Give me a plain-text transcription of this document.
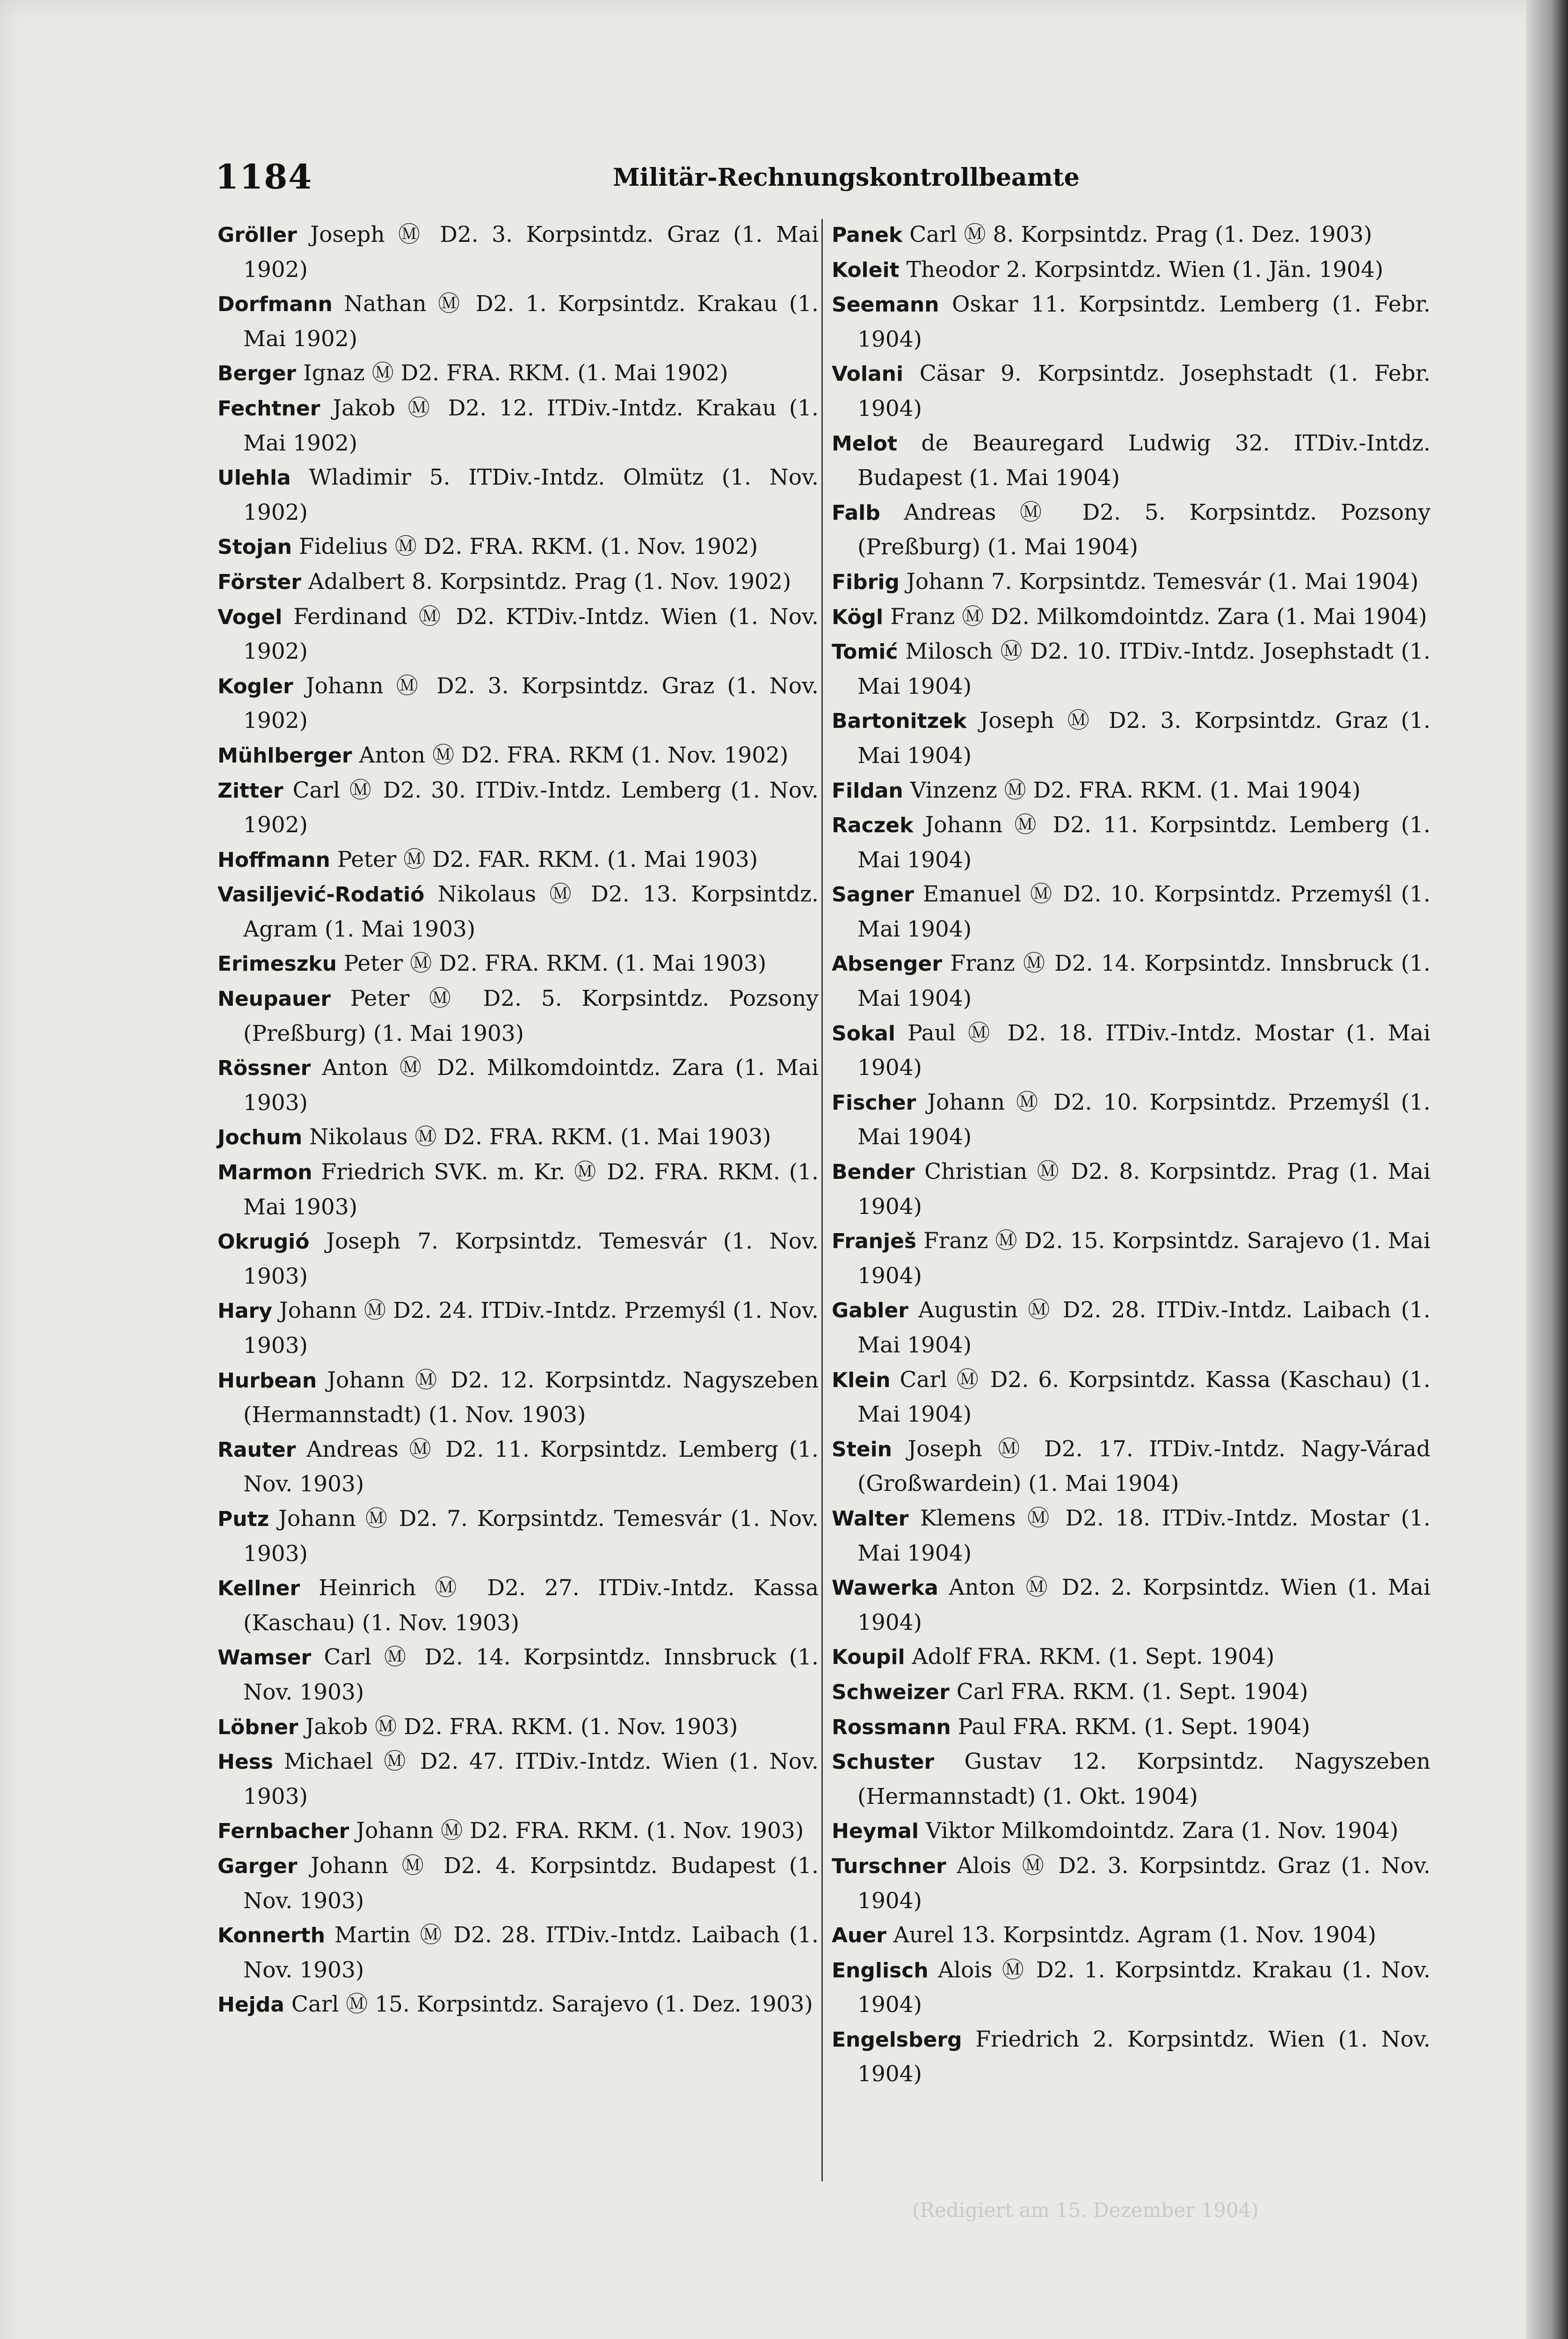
1184	Militär-Rechnungskontrollbeamte
Gröller Joseph Ⓜ D2. 3. Korpsintdz. Graz (1. Mai 1902)
Dorfmann Nathan Ⓜ D2. 1. Korpsintdz. Krakau (1. Mai 1902)
Berger Ignaz Ⓜ D2. FRA. RKM. (1. Mai 1902)
Fechtner Jakob Ⓜ D2. 12. ITDiv.-Intdz. Krakau (1. Mai 1902)
Ulehla Wladimir 5. ITDiv.-Intdz. Olmütz (1. Nov. 1902)
Stojan Fidelius Ⓜ D2. FRA. RKM. (1. Nov. 1902)
Förster Adalbert 8. Korpsintdz. Prag (1. Nov. 1902)
Vogel Ferdinand Ⓜ D2. KTDiv.-Intdz. Wien (1. Nov. 1902)
Kogler Johann Ⓜ D2. 3. Korpsintdz. Graz (1. Nov. 1902)
Mühlberger Anton Ⓜ D2. FRA. RKM (1. Nov. 1902)
Zitter Carl Ⓜ D2. 30. ITDiv.-Intdz. Lemberg (1. Nov. 1902)
Hoffmann Peter Ⓜ D2. FAR. RKM. (1. Mai 1903)
Vasiljević-Rodatió Nikolaus Ⓜ D2. 13. Korpsintdz. Agram (1. Mai 1903)
Erimeszku Peter Ⓜ D2. FRA. RKM. (1. Mai 1903)
Neupauer Peter Ⓜ D2. 5. Korpsintdz. Pozsony (Preßburg) (1. Mai 1903)
Rössner Anton Ⓜ D2. Milkomdointdz. Zara (1. Mai 1903)
Jochum Nikolaus Ⓜ D2. FRA. RKM. (1. Mai 1903)
Marmon Friedrich SVK. m. Kr. Ⓜ D2. FRA. RKM. (1. Mai 1903)
Okrugió Joseph 7. Korpsintdz. Temesvár (1. Nov. 1903)
Hary Johann Ⓜ D2. 24. ITDiv.-Intdz. Przemyśl (1. Nov. 1903)
Hurbean Johann Ⓜ D2. 12. Korpsintdz. Nagyszeben (Hermannstadt) (1. Nov. 1903)
Rauter Andreas Ⓜ D2. 11. Korpsintdz. Lemberg (1. Nov. 1903)
Putz Johann Ⓜ D2. 7. Korpsintdz. Temesvár (1. Nov. 1903)
Kellner Heinrich Ⓜ D2. 27. ITDiv.-Intdz. Kassa (Kaschau) (1. Nov. 1903)
Wamser Carl Ⓜ D2. 14. Korpsintdz. Innsbruck (1. Nov. 1903)
Löbner Jakob Ⓜ D2. FRA. RKM. (1. Nov. 1903)
Hess Michael Ⓜ D2. 47. ITDiv.-Intdz. Wien (1. Nov. 1903)
Fernbacher Johann Ⓜ D2. FRA. RKM. (1. Nov. 1903)
Garger Johann Ⓜ D2. 4. Korpsintdz. Budapest (1. Nov. 1903)
Konnerth Martin Ⓜ D2. 28. ITDiv.-Intdz. Laibach (1. Nov. 1903)
Hejda Carl Ⓜ 15. Korpsintdz. Sarajevo (1. Dez. 1903)
Panek Carl Ⓜ 8. Korpsintdz. Prag (1. Dez. 1903)
Koleit Theodor 2. Korpsintdz. Wien (1. Jän. 1904)
Seemann Oskar 11. Korpsintdz. Lemberg (1. Febr. 1904)
Volani Cäsar 9. Korpsintdz. Josephstadt (1. Febr. 1904)
Melot de Beauregard Ludwig 32. ITDiv.-Intdz. Budapest (1. Mai 1904)
Falb Andreas Ⓜ D2. 5. Korpsintdz. Pozsony (Preßburg) (1. Mai 1904)
Fibrig Johann 7. Korpsintdz. Temesvár (1. Mai 1904)
Kögl Franz Ⓜ D2. Milkomdointdz. Zara (1. Mai 1904)
Tomić Milosch Ⓜ D2. 10. ITDiv.-Intdz. Josephstadt (1. Mai 1904)
Bartonitzek Joseph Ⓜ D2. 3. Korpsintdz. Graz (1. Mai 1904)
Fildan Vinzenz Ⓜ D2. FRA. RKM. (1. Mai 1904)
Raczek Johann Ⓜ D2. 11. Korpsintdz. Lemberg (1. Mai 1904)
Sagner Emanuel Ⓜ D2. 10. Korpsintdz. Przemyśl (1. Mai 1904)
Absenger Franz Ⓜ D2. 14. Korpsintdz. Innsbruck (1. Mai 1904)
Sokal Paul Ⓜ D2. 18. ITDiv.-Intdz. Mostar (1. Mai 1904)
Fischer Johann Ⓜ D2. 10. Korpsintdz. Przemyśl (1. Mai 1904)
Bender Christian Ⓜ D2. 8. Korpsintdz. Prag (1. Mai 1904)
Franješ Franz Ⓜ D2. 15. Korpsintdz. Sarajevo (1. Mai 1904)
Gabler Augustin Ⓜ D2. 28. ITDiv.-Intdz. Laibach (1. Mai 1904)
Klein Carl Ⓜ D2. 6. Korpsintdz. Kassa (Kaschau) (1. Mai 1904)
Stein Joseph Ⓜ D2. 17. ITDiv.-Intdz. Nagy-Várad (Großwardein) (1. Mai 1904)
Walter Klemens Ⓜ D2. 18. ITDiv.-Intdz. Mostar (1. Mai 1904)
Wawerka Anton Ⓜ D2. 2. Korpsintdz. Wien (1. Mai 1904)
Koupil Adolf FRA. RKM. (1. Sept. 1904)
Schweizer Carl FRA. RKM. (1. Sept. 1904)
Rossmann Paul FRA. RKM. (1. Sept. 1904)
Schuster Gustav 12. Korpsintdz. Nagyszeben (Hermannstadt) (1. Okt. 1904)
Heymal Viktor Milkomdointdz. Zara (1. Nov. 1904)
Turschner Alois Ⓜ D2. 3. Korpsintdz. Graz (1. Nov. 1904)
Auer Aurel 13. Korpsintdz. Agram (1. Nov. 1904)
Englisch Alois Ⓜ D2. 1. Korpsintdz. Krakau (1. Nov. 1904)
Engelsberg Friedrich 2. Korpsintdz. Wien (1. Nov. 1904)
(Redigiert am 15. Dezember 1904)
